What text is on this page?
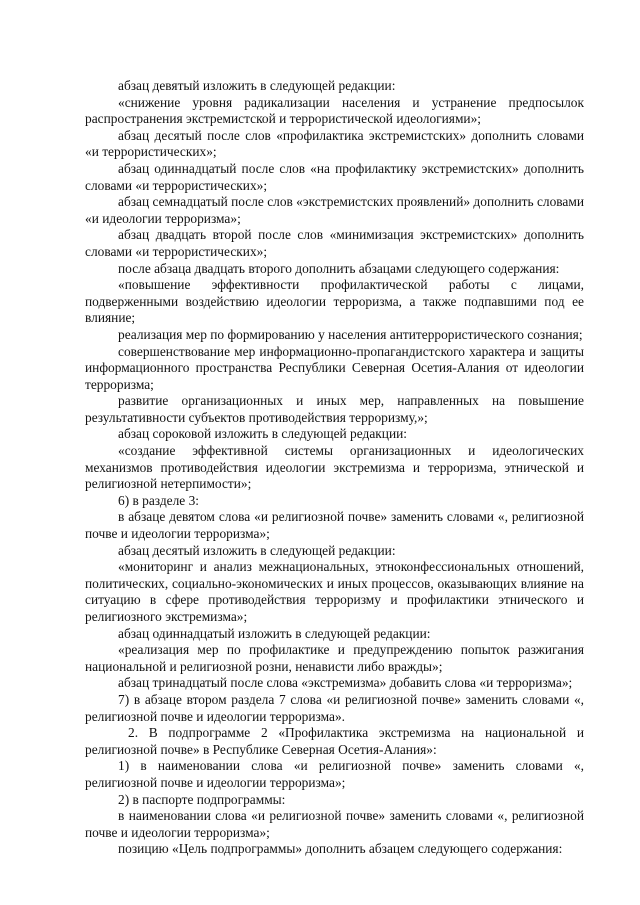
абзац девятый изложить в следующей редакции:

«снижение уровня радикализации населения и устранение предпосылок распространения экстремистской и террористической идеологиями»;

абзац десятый после слов «профилактика экстремистских» дополнить словами «и террористических»;

абзац одиннадцатый после слов «на профилактику экстремистских» дополнить словами «и террористических»;

абзац семнадцатый после слов «экстремистских проявлений» дополнить словами «и идеологии терроризма»;

абзац двадцать второй после слов «минимизация экстремистских» дополнить словами «и террористических»;

после абзаца двадцать второго дополнить абзацами следующего содержания:

«повышение эффективности профилактической работы с лицами, подверженными воздействию идеологии терроризма, а также подпавшими под ее влияние;

реализация мер по формированию у населения антитеррористического сознания;

совершенствование мер информационно-пропагандистского характера и защиты информационного пространства Республики Северная Осетия-Алания от идеологии терроризма;

развитие организационных и иных мер, направленных на повышение результативности субъектов противодействия терроризму,»;

абзац сороковой изложить в следующей редакции:

«создание эффективной системы организационных и идеологических механизмов противодействия идеологии экстремизма и терроризма, этнической и религиозной нетерпимости»;

6) в разделе 3:

в абзаце девятом слова «и религиозной почве» заменить словами «, религиозной почве и идеологии терроризма»;

абзац десятый изложить в следующей редакции:

«мониторинг и анализ межнациональных, этноконфессиональных отношений, политических, социально-экономических и иных процессов, оказывающих влияние на ситуацию в сфере противодействия терроризму и профилактики этнического и религиозного экстремизма»;

абзац одиннадцатый изложить в следующей редакции:

«реализация мер по профилактике и предупреждению попыток разжигания национальной и религиозной розни, ненависти либо вражды»;

абзац тринадцатый после слова «экстремизма» добавить слова «и терроризма»;

7) в абзаце втором раздела 7 слова «и религиозной почве» заменить словами «, религиозной почве и идеологии терроризма».

2. В подпрограмме 2 «Профилактика экстремизма на национальной и религиозной почве» в Республике Северная Осетия-Алания»:

1) в наименовании слова «и религиозной почве» заменить словами «, религиозной почве и идеологии терроризма»;

2) в паспорте подпрограммы:

в наименовании слова «и религиозной почве» заменить словами «, религиозной почве и идеологии терроризма»;

позицию «Цель подпрограммы» дополнить абзацем следующего содержания:
